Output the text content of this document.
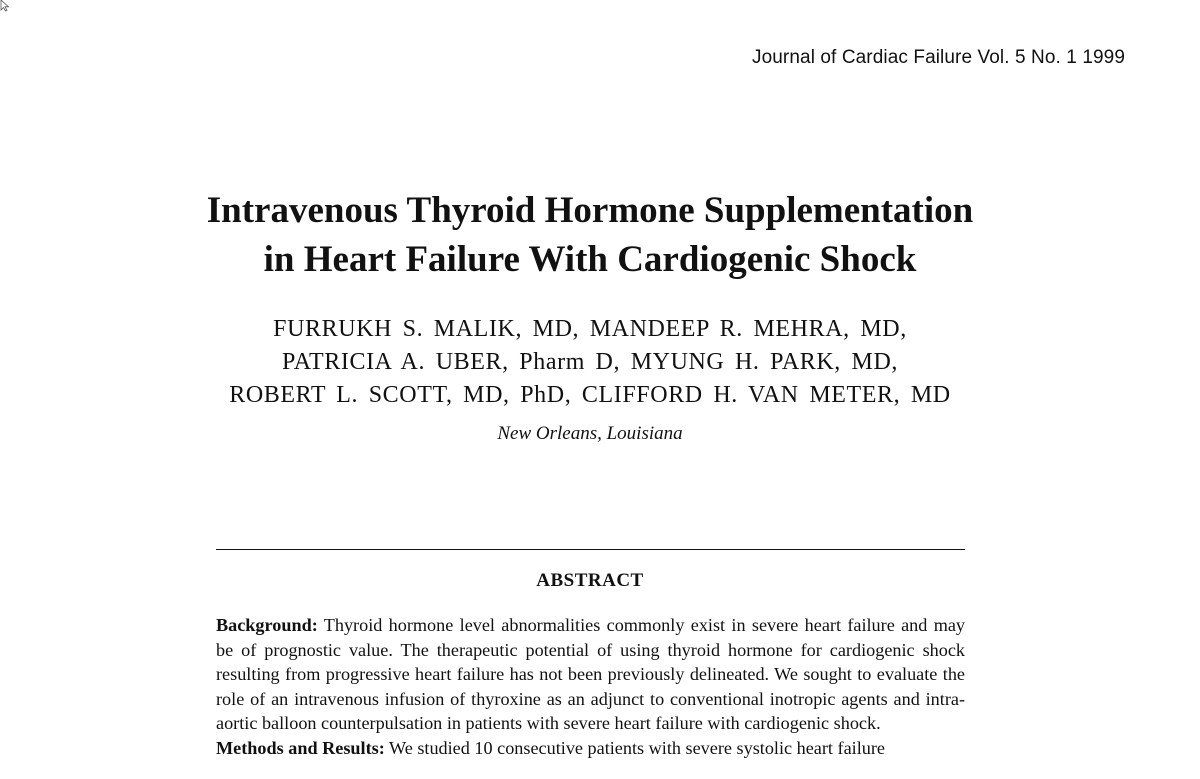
Journal of Cardiac Failure Vol. 5 No. 1 1999
Intravenous Thyroid Hormone Supplementation
in Heart Failure With Cardiogenic Shock
FURRUKH S. MALIK, MD, MANDEEP R. MEHRA, MD,
PATRICIA A. UBER, Pharm D, MYUNG H. PARK, MD,
ROBERT L. SCOTT, MD, PhD, CLIFFORD H. VAN METER, MD
New Orleans, Louisiana
ABSTRACT

Background: Thyroid hormone level abnormalities commonly exist in severe heart failure and may be of prognostic value. The therapeutic potential of using thyroid hormone for cardiogenic shock resulting from progressive heart failure has not been previously delineated. We sought to evaluate the role of an intravenous infusion of thyroxine as an adjunct to conventional inotropic agents and intra-aortic balloon counterpulsation in patients with severe heart failure with cardiogenic shock.

Methods and Results: We studied 10 consecutive patients with severe systolic heart failure
